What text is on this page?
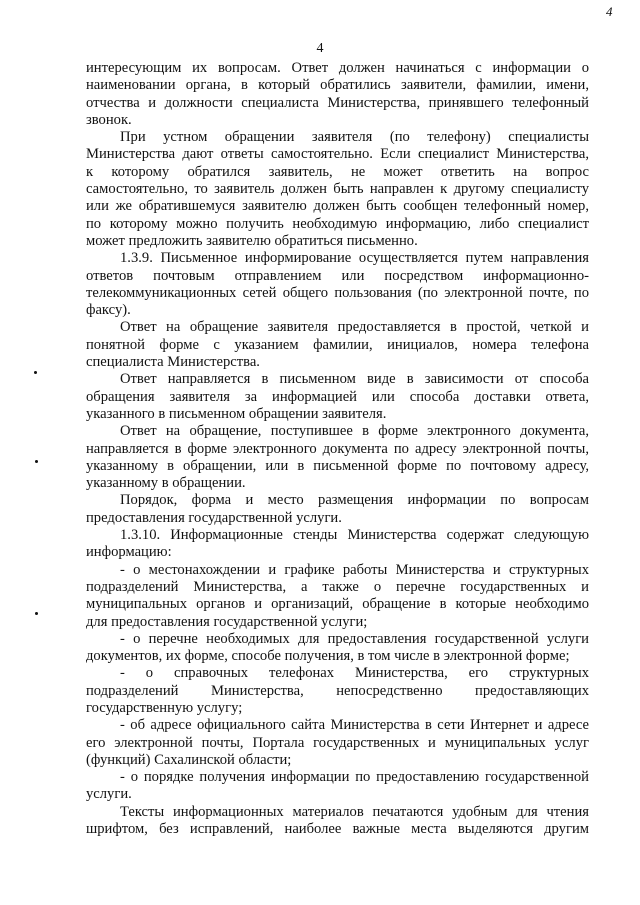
4
4
интересующим их вопросам. Ответ должен начинаться с информации о
наименовании органа, в который обратились заявители, фамилии, имени,
отчества и должности специалиста Министерства, принявшего телефонный
звонок.
При устном обращении заявителя (по телефону) специалисты
Министерства дают ответы самостоятельно. Если специалист Министерства,
к которому обратился заявитель, не может ответить на вопрос
самостоятельно, то заявитель должен быть направлен к другому специалисту
или же обратившемуся заявителю должен быть сообщен телефонный номер,
по которому можно получить необходимую информацию, либо специалист
может предложить заявителю обратиться письменно.
1.3.9. Письменное информирование осуществляется путем направления
ответов почтовым отправлением или посредством информационно-
телекоммуникационных сетей общего пользования (по электронной почте, по
факсу).
Ответ на обращение заявителя предоставляется в простой, четкой и
понятной форме с указанием фамилии, инициалов, номера телефона
специалиста Министерства.
Ответ направляется в письменном виде в зависимости от способа
обращения заявителя за информацией или способа доставки ответа,
указанного в письменном обращении заявителя.
Ответ на обращение, поступившее в форме электронного документа,
направляется в форме электронного документа по адресу электронной почты,
указанному в обращении, или в письменной форме по почтовому адресу,
указанному в обращении.
Порядок, форма и место размещения информации по вопросам
предоставления государственной услуги.
1.3.10. Информационные стенды Министерства содержат следующую
информацию:
- о местонахождении и графике работы Министерства и структурных
подразделений Министерства, а также о перечне государственных и
муниципальных органов и организаций, обращение в которые необходимо
для предоставления государственной услуги;
- о перечне необходимых для предоставления государственной услуги
документов, их форме, способе получения, в том числе в электронной форме;
- о справочных телефонах Министерства, его структурных
подразделений Министерства, непосредственно предоставляющих
государственную услугу;
- об адресе официального сайта Министерства в сети Интернет и адресе
его электронной почты, Портала государственных и муниципальных услуг
(функций) Сахалинской области;
- о порядке получения информации по предоставлению государственной
услуги.
Тексты информационных материалов печатаются удобным для чтения
шрифтом, без исправлений, наиболее важные места выделяются другим
